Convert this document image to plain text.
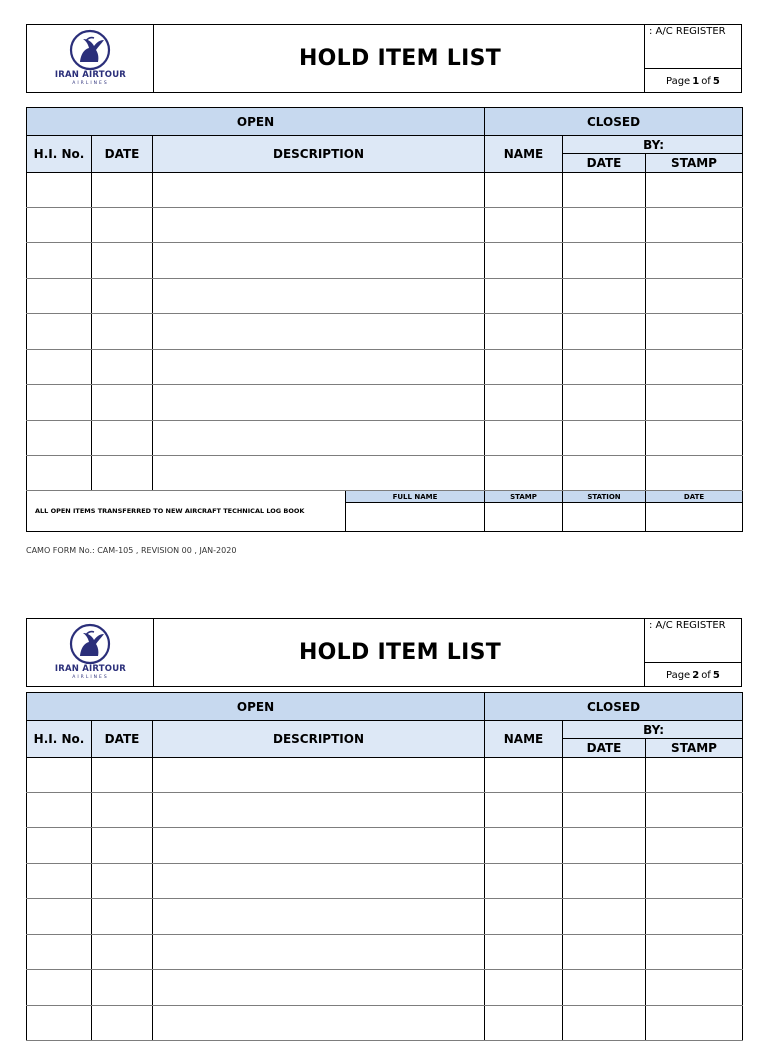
IRAN AIRTOUR
AIRLINES
HOLD ITEM LIST
: A/C REGISTER
Page 1 of 5
OPEN				CLOSED		
H.I. No.	DATE	DESCRIPTION		NAME	BY:	
					DATE	STAMP

ALL OPEN ITEMS TRANSFERRED TO NEW AIRCRAFT TECHNICAL LOG BOOK			FULL NAME	STAMP	STATION	DATE

CAMO FORM No.: CAM-105 , REVISION 00 , JAN-2020
IRAN AIRTOUR
AIRLINES
HOLD ITEM LIST
: A/C REGISTER
Page 2 of 5
OPEN			CLOSED		
H.I. No.	DATE	DESCRIPTION	NAME	BY:	
				DATE	STAMP
